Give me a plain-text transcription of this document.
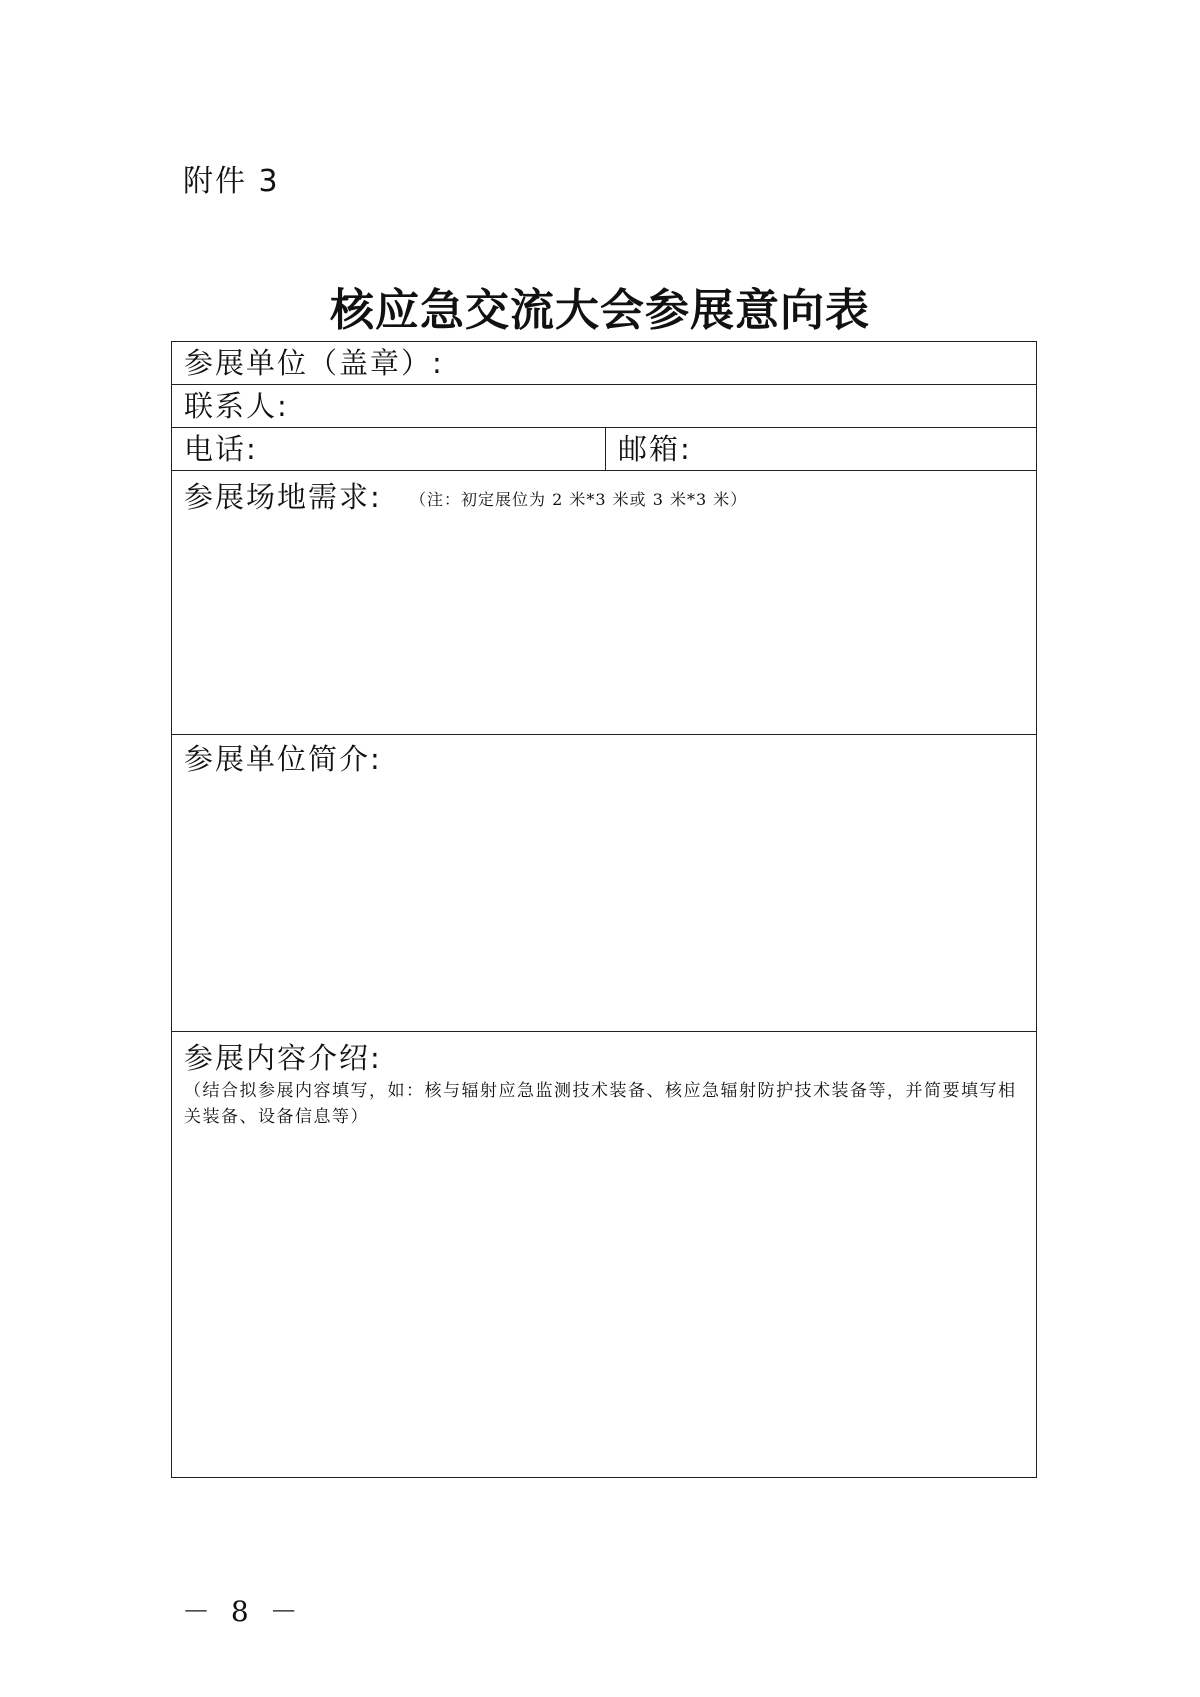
附件 3
核应急交流大会参展意向表
参展单位（盖章）:
联系人:
电话:	邮箱:
参展场地需求: （注：初定展位为 2 米*3 米或 3 米*3 米）
参展单位简介:
参展内容介绍:
（结合拟参展内容填写，如：核与辐射应急监测技术装备、核应急辐射防护技术装备等，并简要填写相关装备、设备信息等）
－ 8 －
